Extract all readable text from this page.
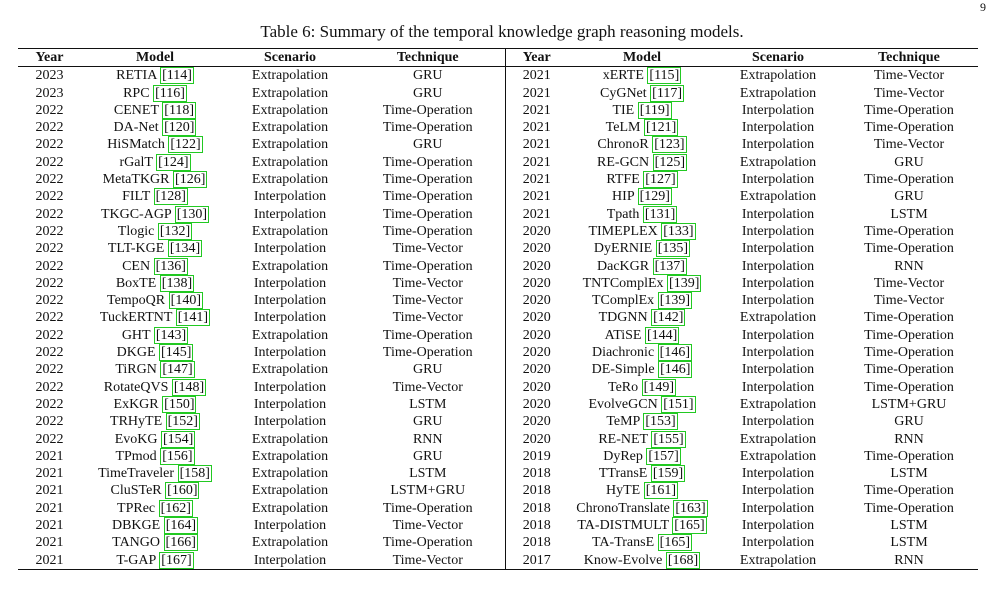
9
Table 6: Summary of the temporal knowledge graph reasoning models.
Year	Model	Scenario	Technique	Year	Model	Scenario	Technique
2023	RETIA [114]	Extrapolation	GRU	2021	xERTE [115]	Extrapolation	Time-Vector
2023	RPC [116]	Extrapolation	GRU	2021	CyGNet [117]	Extrapolation	Time-Vector
2022	CENET [118]	Extrapolation	Time-Operation	2021	TIE [119]	Interpolation	Time-Operation
2022	DA-Net [120]	Extrapolation	Time-Operation	2021	TeLM [121]	Interpolation	Time-Operation
2022	HiSMatch [122]	Extrapolation	GRU	2021	ChronoR [123]	Interpolation	Time-Vector
2022	rGalT [124]	Extrapolation	Time-Operation	2021	RE-GCN [125]	Extrapolation	GRU
2022	MetaTKGR [126]	Extrapolation	Time-Operation	2021	RTFE [127]	Interpolation	Time-Operation
2022	FILT [128]	Interpolation	Time-Operation	2021	HIP [129]	Extrapolation	GRU
2022	TKGC-AGP [130]	Interpolation	Time-Operation	2021	Tpath [131]	Interpolation	LSTM
2022	Tlogic [132]	Extrapolation	Time-Operation	2020	TIMEPLEX [133]	Interpolation	Time-Operation
2022	TLT-KGE [134]	Interpolation	Time-Vector	2020	DyERNIE [135]	Interpolation	Time-Operation
2022	CEN [136]	Extrapolation	Time-Operation	2020	DacKGR [137]	Interpolation	RNN
2022	BoxTE [138]	Interpolation	Time-Vector	2020	TNTComplEx [139]	Interpolation	Time-Vector
2022	TempoQR [140]	Interpolation	Time-Vector	2020	TComplEx [139]	Interpolation	Time-Vector
2022	TuckERTNT [141]	Interpolation	Time-Vector	2020	TDGNN [142]	Extrapolation	Time-Operation
2022	GHT [143]	Extrapolation	Time-Operation	2020	ATiSE [144]	Interpolation	Time-Operation
2022	DKGE [145]	Interpolation	Time-Operation	2020	Diachronic [146]	Interpolation	Time-Operation
2022	TiRGN [147]	Extrapolation	GRU	2020	DE-Simple [146]	Interpolation	Time-Operation
2022	RotateQVS [148]	Interpolation	Time-Vector	2020	TeRo [149]	Interpolation	Time-Operation
2022	ExKGR [150]	Interpolation	LSTM	2020	EvolveGCN [151]	Extrapolation	LSTM+GRU
2022	TRHyTE [152]	Interpolation	GRU	2020	TeMP [153]	Interpolation	GRU
2022	EvoKG [154]	Extrapolation	RNN	2020	RE-NET [155]	Extrapolation	RNN
2021	TPmod [156]	Extrapolation	GRU	2019	DyRep [157]	Extrapolation	Time-Operation
2021	TimeTraveler [158]	Extrapolation	LSTM	2018	TTransE [159]	Interpolation	LSTM
2021	CluSTeR [160]	Extrapolation	LSTM+GRU	2018	HyTE [161]	Interpolation	Time-Operation
2021	TPRec [162]	Extrapolation	Time-Operation	2018	ChronoTranslate [163]	Interpolation	Time-Operation
2021	DBKGE [164]	Interpolation	Time-Vector	2018	TA-DISTMULT [165]	Interpolation	LSTM
2021	TANGO [166]	Extrapolation	Time-Operation	2018	TA-TransE [165]	Interpolation	LSTM
2021	T-GAP [167]	Interpolation	Time-Vector	2017	Know-Evolve [168]	Extrapolation	RNN
